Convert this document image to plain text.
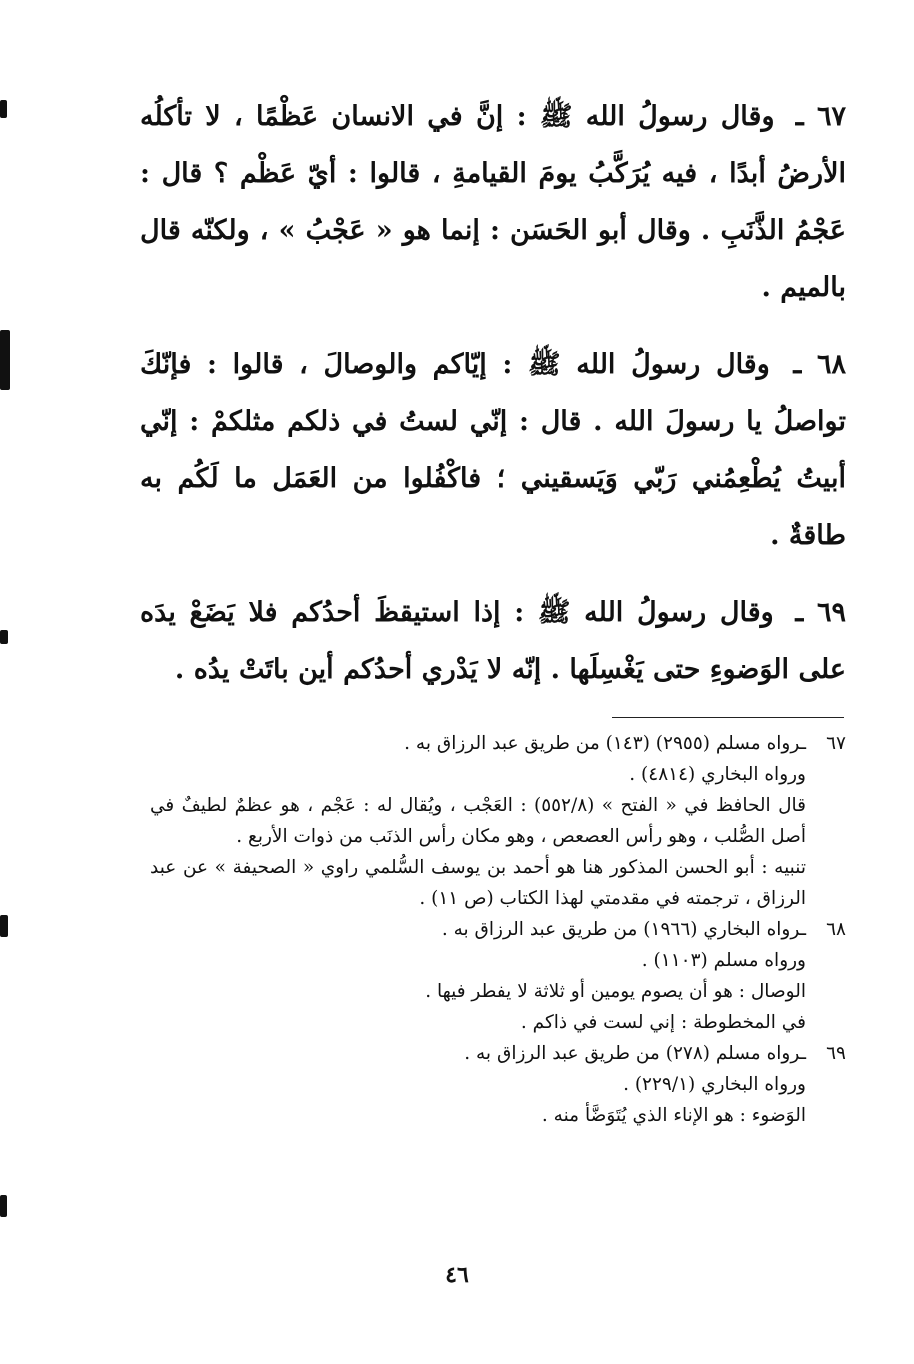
٦٧ ـ وقال رسولُ الله ﷺ : إنَّ في الانسان عَظْمًا ، لا تأكلُه الأرضُ أبدًا ، فيه يُرَكَّبُ يومَ القيامةِ ، قالوا : أيّ عَظْم ؟ قال : عَجْمُ الذَّنَبِ . وقال أبو الحَسَن : إنما هو « عَجْبُ » ، ولكنّه قال بالميم .

٦٨ ـ وقال رسولُ الله ﷺ : إيّاكم والوصالَ ، قالوا : فإنّكَ تواصلُ يا رسولَ الله . قال : إنّي لستُ في ذلكم مثلكمْ : إنّي أبيتُ يُطْعِمُني رَبّي وَيَسقيني ؛ فاكْفُلوا من العَمَل ما لَكُم به طاقةٌ .

٦٩ ـ وقال رسولُ الله ﷺ : إذا استيقظَ أحدُكم فلا يَضَعْ يدَه على الوَضوءِ حتى يَغْسِلَها . إنّه لا يَدْري أحدُكم أين باتَتْ يدُه .

٦٧ـرواه مسلم (٢٩٥٥) (١٤٣) من طريق عبد الرزاق به .
ورواه البخاري (٤٨١٤) .
قال الحافظ في « الفتح » (٥٥٢/٨) : العَجْب ، ويُقال له : عَجْم ، هو عظمٌ لطيفٌ في أصل الصُّلب ، وهو رأس العصعص ، وهو مكان رأس الذنَب من ذوات الأربع .
تنبيه : أبو الحسن المذكور هنا هو أحمد بن يوسف السُّلمي راوي « الصحيفة » عن عبد الرزاق ، ترجمته في مقدمتي لهذا الكتاب (ص ١١) .
٦٨ـرواه البخاري (١٩٦٦) من طريق عبد الرزاق به .
ورواه مسلم (١١٠٣) .
الوصال : هو أن يصوم يومين أو ثلاثة لا يفطر فيها .
في المخطوطة : إني لست في ذاكم .
٦٩ـرواه مسلم (٢٧٨) من طريق عبد الرزاق به .
ورواه البخاري (٢٢٩/١) .
الوَضوء : هو الإناء الذي يُتَوَضَّأ منه .
٤٦
